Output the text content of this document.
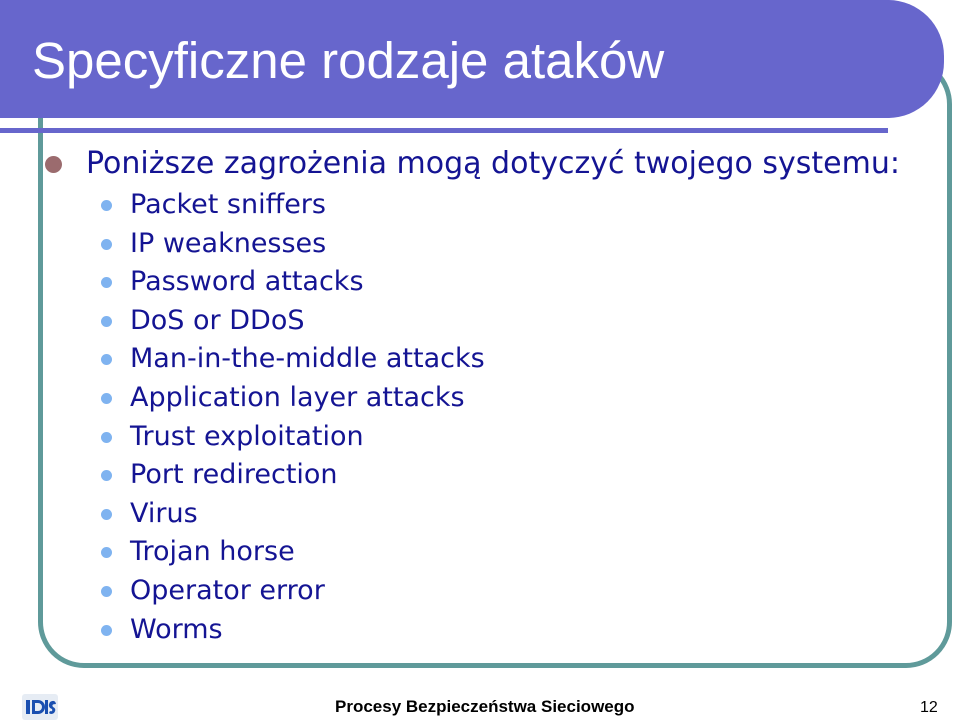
Specyficzne rodzaje ataków
Poniższe zagrożenia mogą dotyczyć twojego systemu:
Packet sniffers
IP weaknesses
Password attacks
DoS or DDoS
Man-in-the-middle attacks
Application layer attacks
Trust exploitation
Port redirection
Virus
Trojan horse
Operator error
Worms
Procesy Bezpieczeństwa Sieciowego	12
